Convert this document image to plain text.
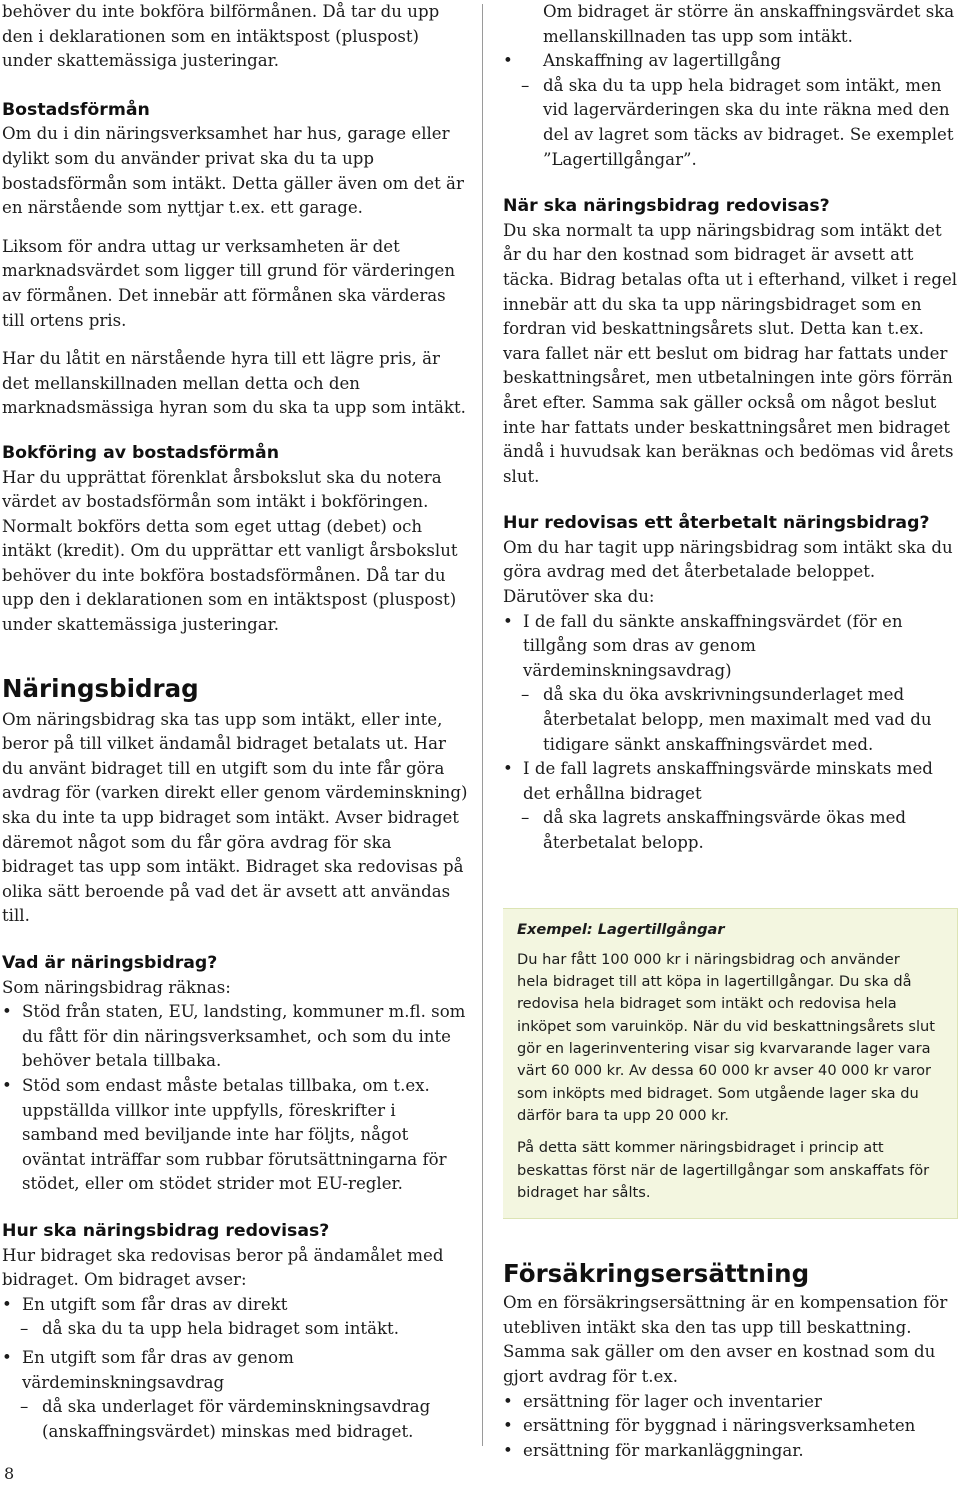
behöver du inte bokföra bilförmånen. Då tar du upp den i deklarationen som en intäktspost (pluspost) under skattemässiga justeringar.

Bostadsförmån

Om du i din näringsverksamhet har hus, garage eller dylikt som du använder privat ska du ta upp bostadsförmån som intäkt. Detta gäller även om det är en närstående som nyttjar t.ex. ett garage.

Liksom för andra uttag ur verksamheten är det marknadsvärdet som ligger till grund för värderingen av förmånen. Det innebär att förmånen ska värderas till ortens pris.

Har du låtit en närstående hyra till ett lägre pris, är det mellanskillnaden mellan detta och den marknadsmässiga hyran som du ska ta upp som intäkt.

Bokföring av bostadsförmån

Har du upprättat förenklat årsbokslut ska du notera värdet av bostadsförmån som intäkt i bokföringen. Normalt bokförs detta som eget uttag (debet) och intäkt (kredit). Om du upprättar ett vanligt årsbokslut behöver du inte bokföra bostadsförmånen. Då tar du upp den i deklarationen som en intäktspost (pluspost) under skattemässiga justeringar.

Näringsbidrag

Om näringsbidrag ska tas upp som intäkt, eller inte, beror på till vilket ändamål bidraget betalats ut. Har du använt bidraget till en utgift som du inte får göra avdrag för (varken direkt eller genom värdeminskning) ska du inte ta upp bidraget som intäkt. Avser bidraget däremot något som du får göra avdrag för ska bidraget tas upp som intäkt. Bidraget ska redovisas på olika sätt beroende på vad det är avsett att användas till.

Vad är näringsbidrag?

Som näringsbidrag räknas:

• Stöd från staten, EU, landsting, kommuner m.fl. som du fått för din näringsverksamhet, och som du inte behöver betala tillbaka.
• Stöd som endast måste betalas tillbaka, om t.ex. uppställda villkor inte uppfylls, föreskrifter i samband med beviljande inte har följts, något oväntat inträffar som rubbar förutsättningarna för stödet, eller om stödet strider mot EU-regler.
Hur ska näringsbidrag redovisas?

Hur bidraget ska redovisas beror på ändamålet med bidraget. Om bidraget avser:

• En utgift som får dras av direkt
– då ska du ta upp hela bidraget som intäkt.
• En utgift som får dras av genom värdeminskningsavdrag
– då ska underlaget för värdeminskningsavdrag (anskaffningsvärdet) minskas med bidraget.

Om bidraget är större än anskaffningsvärdet ska mellanskillnaden tas upp som intäkt.

• Anskaffning av lagertillgång
– då ska du ta upp hela bidraget som intäkt, men vid lagervärderingen ska du inte räkna med den del av lagret som täcks av bidraget. Se exemplet ”Lagertillgångar”.
När ska näringsbidrag redovisas?

Du ska normalt ta upp näringsbidrag som intäkt det år du har den kostnad som bidraget är avsett att täcka. Bidrag betalas ofta ut i efterhand, vilket i regel innebär att du ska ta upp näringsbidraget som en fordran vid beskattningsårets slut. Detta kan t.ex. vara fallet när ett beslut om bidrag har fattats under beskattningsåret, men utbetalningen inte görs förrän året efter. Samma sak gäller också om något beslut inte har fattats under beskattningsåret men bidraget ändå i huvudsak kan beräknas och bedömas vid årets slut.

Hur redovisas ett återbetalt näringsbidrag?

Om du har tagit upp näringsbidrag som intäkt ska du göra avdrag med det återbetalade beloppet. Därutöver ska du:

• I de fall du sänkte anskaffningsvärdet (för en tillgång som dras av genom värdeminskningsavdrag)
– då ska du öka avskrivningsunderlaget med återbetalat belopp, men maximalt med vad du tidigare sänkt anskaffningsvärdet med.
• I de fall lagrets anskaffningsvärde minskats med det erhållna bidraget
– då ska lagrets anskaffningsvärde ökas med återbetalat belopp.
Exempel: Lagertillgångar

Du har fått 100 000 kr i näringsbidrag och använder hela bidraget till att köpa in lagertillgångar. Du ska då redovisa hela bidraget som intäkt och redovisa hela inköpet som varuinköp. När du vid beskattningsårets slut gör en lagerinventering visar sig kvarvarande lager vara värt 60 000 kr. Av dessa 60 000 kr avser 40 000 kr varor som inköpts med bidraget. Som utgående lager ska du därför bara ta upp 20 000 kr.

På detta sätt kommer näringsbidraget i princip att beskattas först när de lagertillgångar som anskaffats för bidraget har sålts.

Försäkringsersättning

Om en försäkringsersättning är en kompensation för utebliven intäkt ska den tas upp till beskattning. Samma sak gäller om den avser en kostnad som du gjort avdrag för t.ex.

• ersättning för lager och inventarier
• ersättning för byggnad i näringsverksamheten
• ersättning för markanläggningar.
8
